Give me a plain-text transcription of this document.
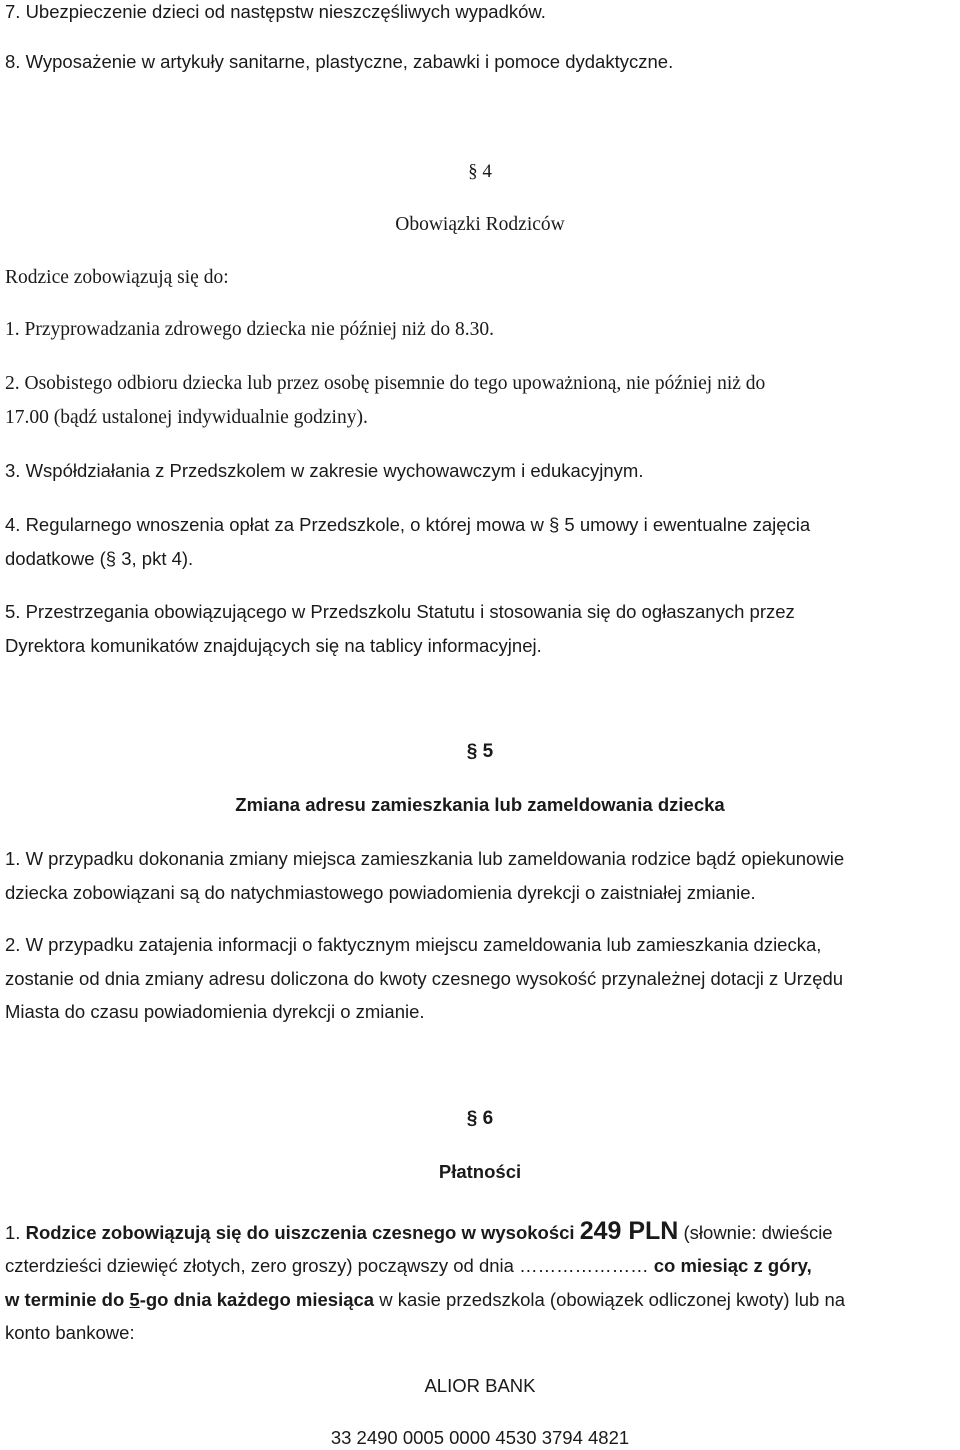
7. Ubezpieczenie dzieci od następstw nieszczęśliwych wypadków.
8. Wyposażenie w artykuły sanitarne, plastyczne, zabawki i pomoce dydaktyczne.
§ 4
Obowiązki Rodziców
Rodzice zobowiązują się do:
1. Przyprowadzania zdrowego dziecka nie później niż do 8.30.
2. Osobistego odbioru dziecka lub przez osobę pisemnie do tego upoważnioną, nie później niż do
17.00 (bądź ustalonej indywidualnie godziny).
3. Współdziałania z Przedszkolem w zakresie wychowawczym i edukacyjnym.
4. Regularnego wnoszenia opłat za Przedszkole, o której mowa w § 5 umowy i ewentualne zajęcia
dodatkowe (§ 3, pkt 4).
5. Przestrzegania obowiązującego w Przedszkolu Statutu i stosowania się do ogłaszanych przez
Dyrektora komunikatów znajdujących się na tablicy informacyjnej.
§ 5
Zmiana adresu zamieszkania lub zameldowania dziecka
1. W przypadku dokonania zmiany miejsca zamieszkania lub zameldowania rodzice bądź opiekunowie
dziecka zobowiązani są do natychmiastowego powiadomienia dyrekcji o zaistniałej zmianie.
2. W przypadku zatajenia informacji o faktycznym miejscu zameldowania lub zamieszkania dziecka,
zostanie od dnia zmiany adresu doliczona do kwoty czesnego wysokość przynależnej dotacji z Urzędu
Miasta do czasu powiadomienia dyrekcji o zmianie.
§ 6
Płatności
1. Rodzice zobowiązują się do uiszczenia czesnego w wysokości 249 PLN (słownie: dwieście
czterdzieści dziewięć złotych, zero groszy) począwszy od dnia ………………… co miesiąc z góry,
w terminie do 5-go dnia każdego miesiąca w kasie przedszkola (obowiązek odliczonej kwoty) lub na
konto bankowe:
ALIOR BANK
33 2490 0005 0000 4530 3794 4821
